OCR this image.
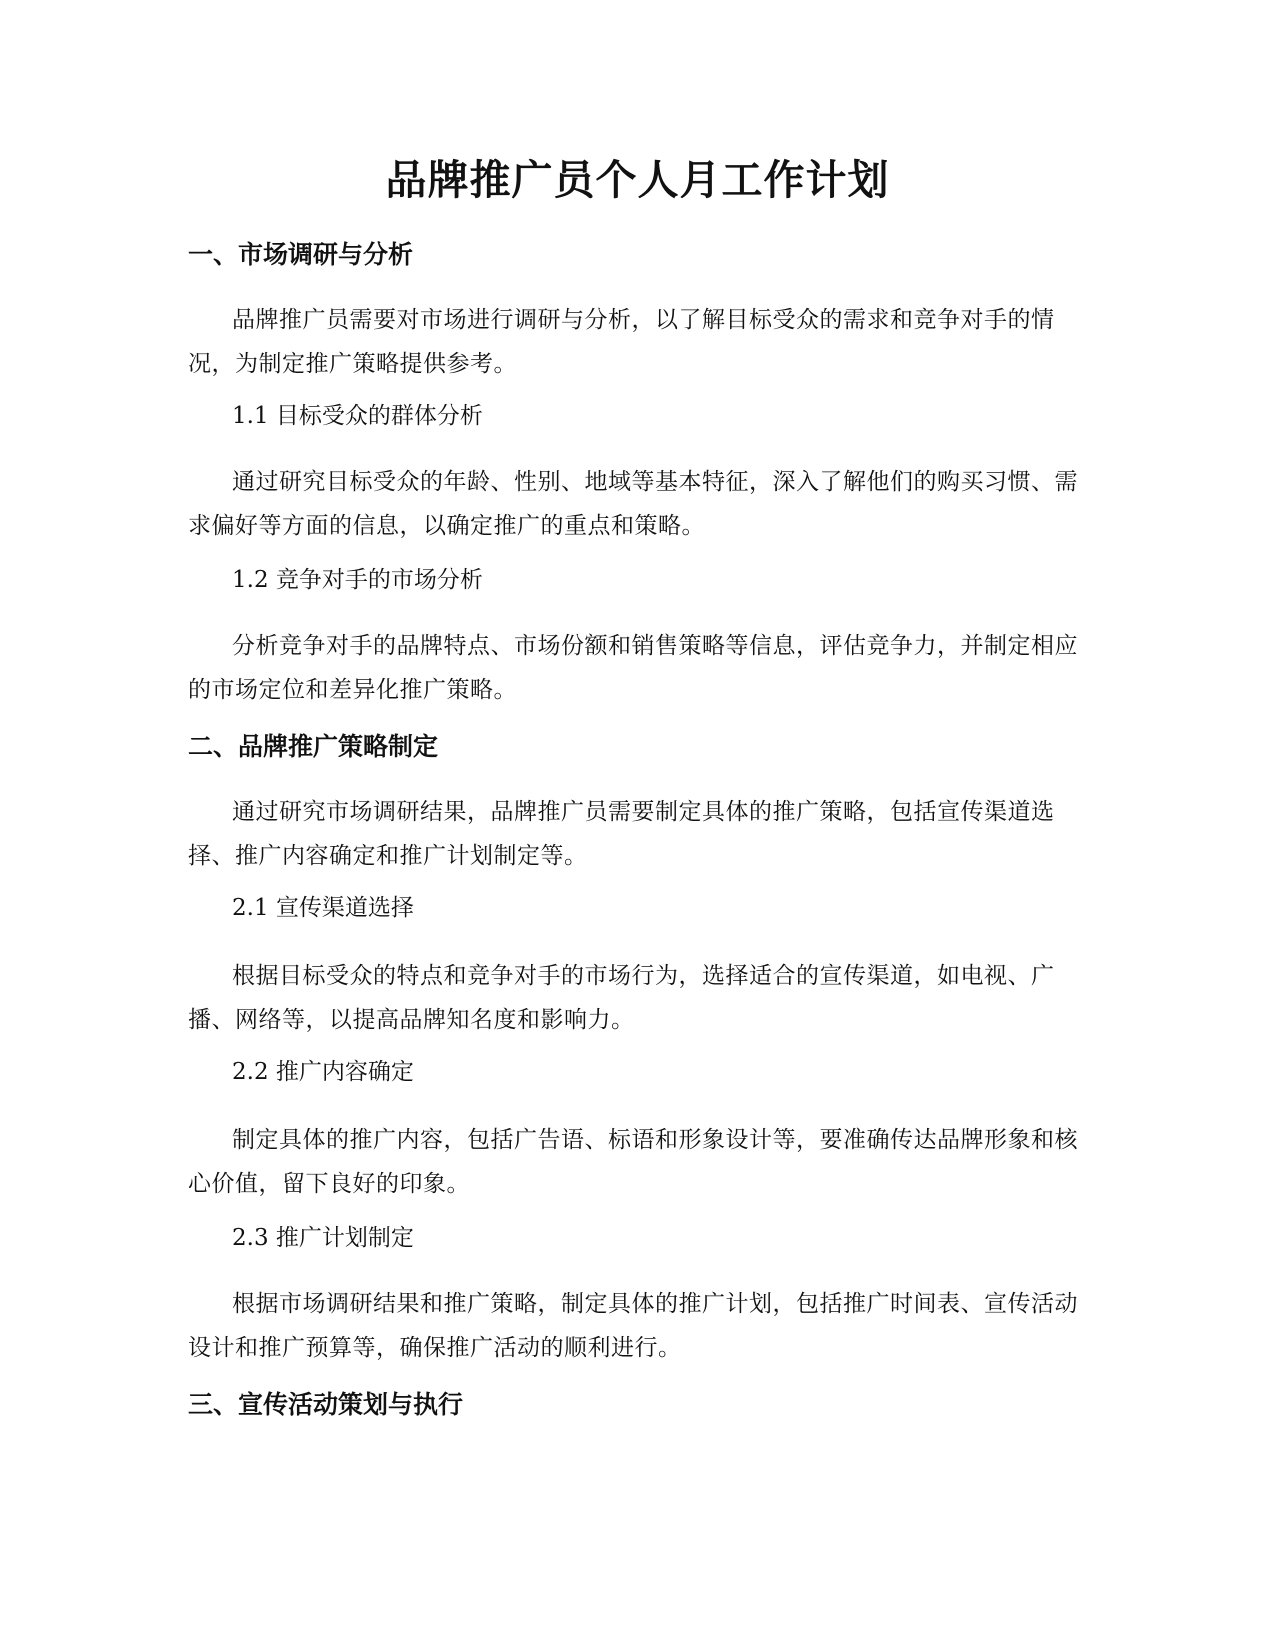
品牌推广员个人月工作计划
一、市场调研与分析

品牌推广员需要对市场进行调研与分析，以了解目标受众的需求和竞争对手的情况，为制定推广策略提供参考。

1.1 目标受众的群体分析

通过研究目标受众的年龄、性别、地域等基本特征，深入了解他们的购买习惯、需求偏好等方面的信息，以确定推广的重点和策略。

1.2 竞争对手的市场分析

分析竞争对手的品牌特点、市场份额和销售策略等信息，评估竞争力，并制定相应的市场定位和差异化推广策略。

二、品牌推广策略制定

通过研究市场调研结果，品牌推广员需要制定具体的推广策略，包括宣传渠道选择、推广内容确定和推广计划制定等。

2.1 宣传渠道选择

根据目标受众的特点和竞争对手的市场行为，选择适合的宣传渠道，如电视、广播、网络等，以提高品牌知名度和影响力。

2.2 推广内容确定

制定具体的推广内容，包括广告语、标语和形象设计等，要准确传达品牌形象和核心价值，留下良好的印象。

2.3 推广计划制定

根据市场调研结果和推广策略，制定具体的推广计划，包括推广时间表、宣传活动设计和推广预算等，确保推广活动的顺利进行。

三、宣传活动策划与执行
